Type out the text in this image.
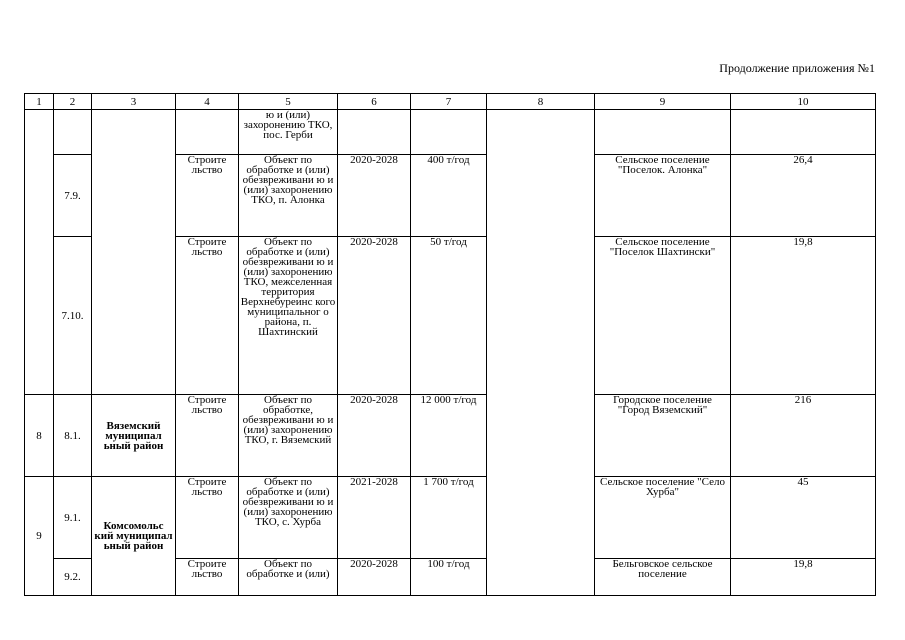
Продолжение приложения №1
1	2	3	4	5	6	7	8	9	10
				ю и (или) захоронению ТКО, пос. Герби					
	7.9.		Строите льство	Объект по обработке и (или) обезвреживани ю и (или) захоронению ТКО, п. Алонка	2020-2028	400 т/год		Сельское поселение "Поселок. Алонка"	26,4
	7.10.		Строите льство	Объект по обработке и (или) обезвреживани ю и (или) захоронению ТКО, межселенная территория Верхнебуреинс кого муниципальног о района, п. Шахтинский	2020-2028	50 т/год		Сельское поселение "Поселок Шахтински"	19,8
8	8.1.	Вяземский муниципал ьный район	Строите льство	Объект по обработке, обезвреживани ю и (или) захоронению ТКО, г. Вяземский	2020-2028	12 000 т/год		Городское поселение "Город Вяземский"	216
9	9.1.	Комсомольс кий муниципал ьный район	Строите льство	Объект по обработке и (или) обезвреживани ю и (или) захоронению ТКО, с. Хурба	2021-2028	1 700 т/год		Сельское поселение "Село Хурба"	45
	9.2.		Строите льство	Объект по обработке и (или)	2020-2028	100 т/год		Бельговское сельское поселение	19,8
